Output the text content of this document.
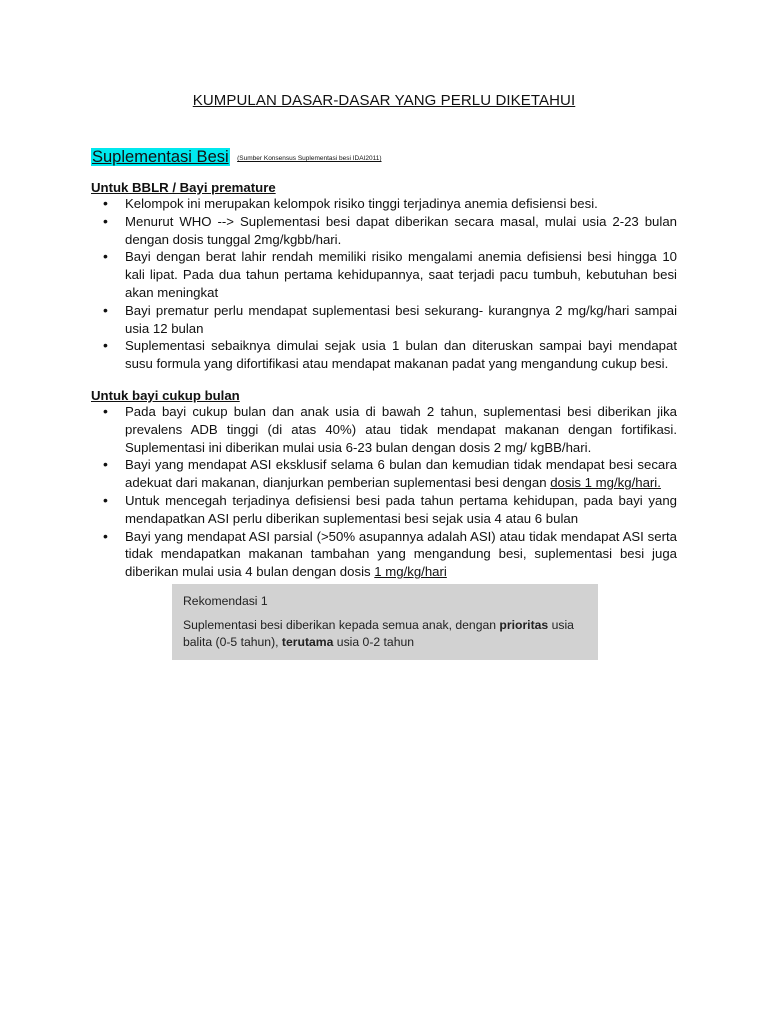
KUMPULAN DASAR-DASAR YANG PERLU DIKETAHUI
Suplementasi Besi (Sumber Konsensus Suplementasi besi IDAI2011)
Untuk BBLR / Bayi premature
• Kelompok ini merupakan kelompok risiko tinggi terjadinya anemia defisiensi besi.
• Menurut WHO --> Suplementasi besi dapat diberikan secara masal, mulai usia 2-23 bulan dengan dosis tunggal 2mg/kgbb/hari.
• Bayi dengan berat lahir rendah memiliki risiko mengalami anemia defisiensi besi hingga 10 kali lipat. Pada dua tahun pertama kehidupannya, saat terjadi pacu tumbuh, kebutuhan besi akan meningkat
• Bayi prematur perlu mendapat suplementasi besi sekurang- kurangnya 2 mg/kg/hari sampai usia 12 bulan
• Suplementasi sebaiknya dimulai sejak usia 1 bulan dan diteruskan sampai bayi mendapat susu formula yang difortifikasi atau mendapat makanan padat yang mengandung cukup besi.
Untuk bayi cukup bulan
• Pada bayi cukup bulan dan anak usia di bawah 2 tahun, suplementasi besi diberikan jika prevalens ADB tinggi (di atas 40%) atau tidak mendapat makanan dengan fortifikasi. Suplementasi ini diberikan mulai usia 6-23 bulan dengan dosis 2 mg/ kgBB/hari.
• Bayi yang mendapat ASI eksklusif selama 6 bulan dan kemudian tidak mendapat besi secara adekuat dari makanan, dianjurkan pemberian suplementasi besi dengan dosis 1 mg/kg/hari.
• Untuk mencegah terjadinya defisiensi besi pada tahun pertama kehidupan, pada bayi yang mendapatkan ASI perlu diberikan suplementasi besi sejak usia 4 atau 6 bulan
• Bayi yang mendapat ASI parsial (>50% asupannya adalah ASI) atau tidak mendapat ASI serta tidak mendapatkan makanan tambahan yang mengandung besi, suplementasi besi juga diberikan mulai usia 4 bulan dengan dosis 1 mg/kg/hari
Rekomendasi 1
Suplementasi besi diberikan kepada semua anak, dengan prioritas usia balita (0-5 tahun), terutama usia 0-2 tahun
